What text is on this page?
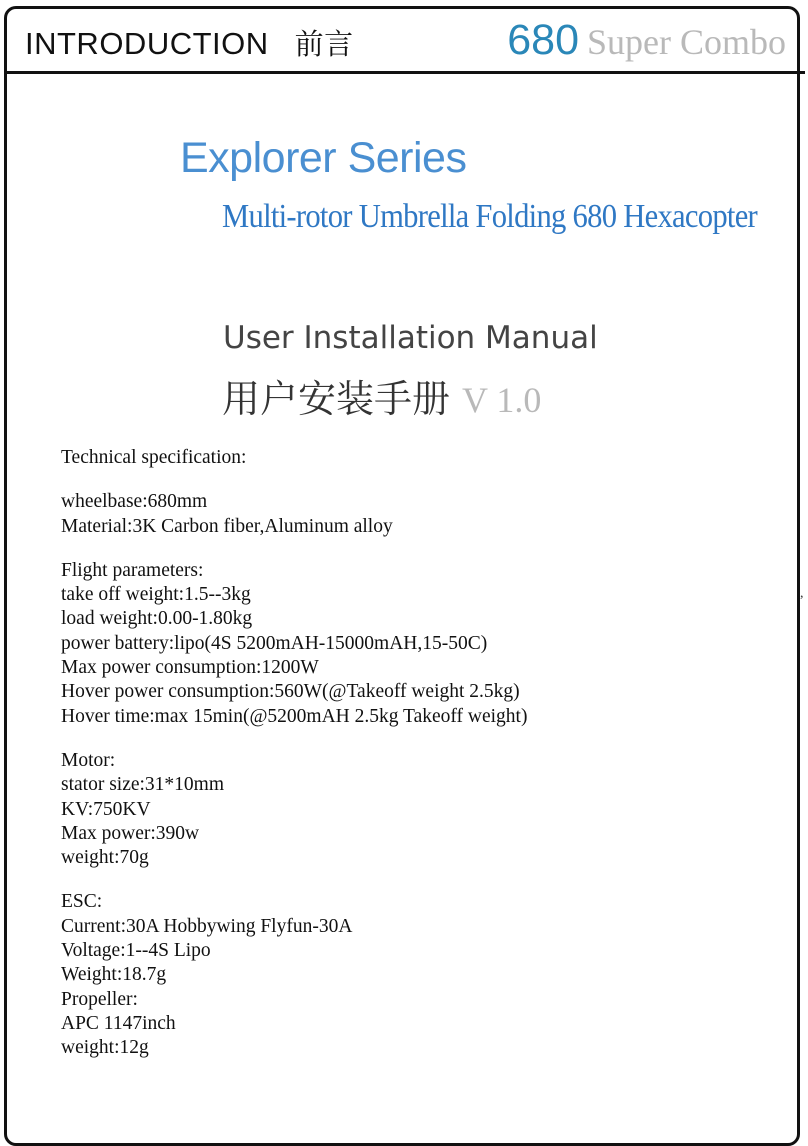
INTRODUCTION 前言	680 Super Combo
Explorer Series
Multi-rotor Umbrella Folding 680 Hexacopter
User Installation Manual
用户安装手册 V 1.0
Technical specification:
wheelbase:680mm
Material:3K Carbon fiber,Aluminum alloy
Flight parameters:
take off weight:1.5--3kg
load weight:0.00-1.80kg
power battery:lipo(4S 5200mAH-15000mAH,15-50C)
Max power consumption:1200W
Hover power consumption:560W(@Takeoff weight 2.5kg)
Hover time:max 15min(@5200mAH 2.5kg Takeoff weight)
Motor:
stator size:31*10mm
KV:750KV
Max power:390w
weight:70g
ESC:
Current:30A Hobbywing Flyfun-30A
Voltage:1--4S Lipo
Weight:18.7g
Propeller:
APC 1147inch
weight:12g
,
